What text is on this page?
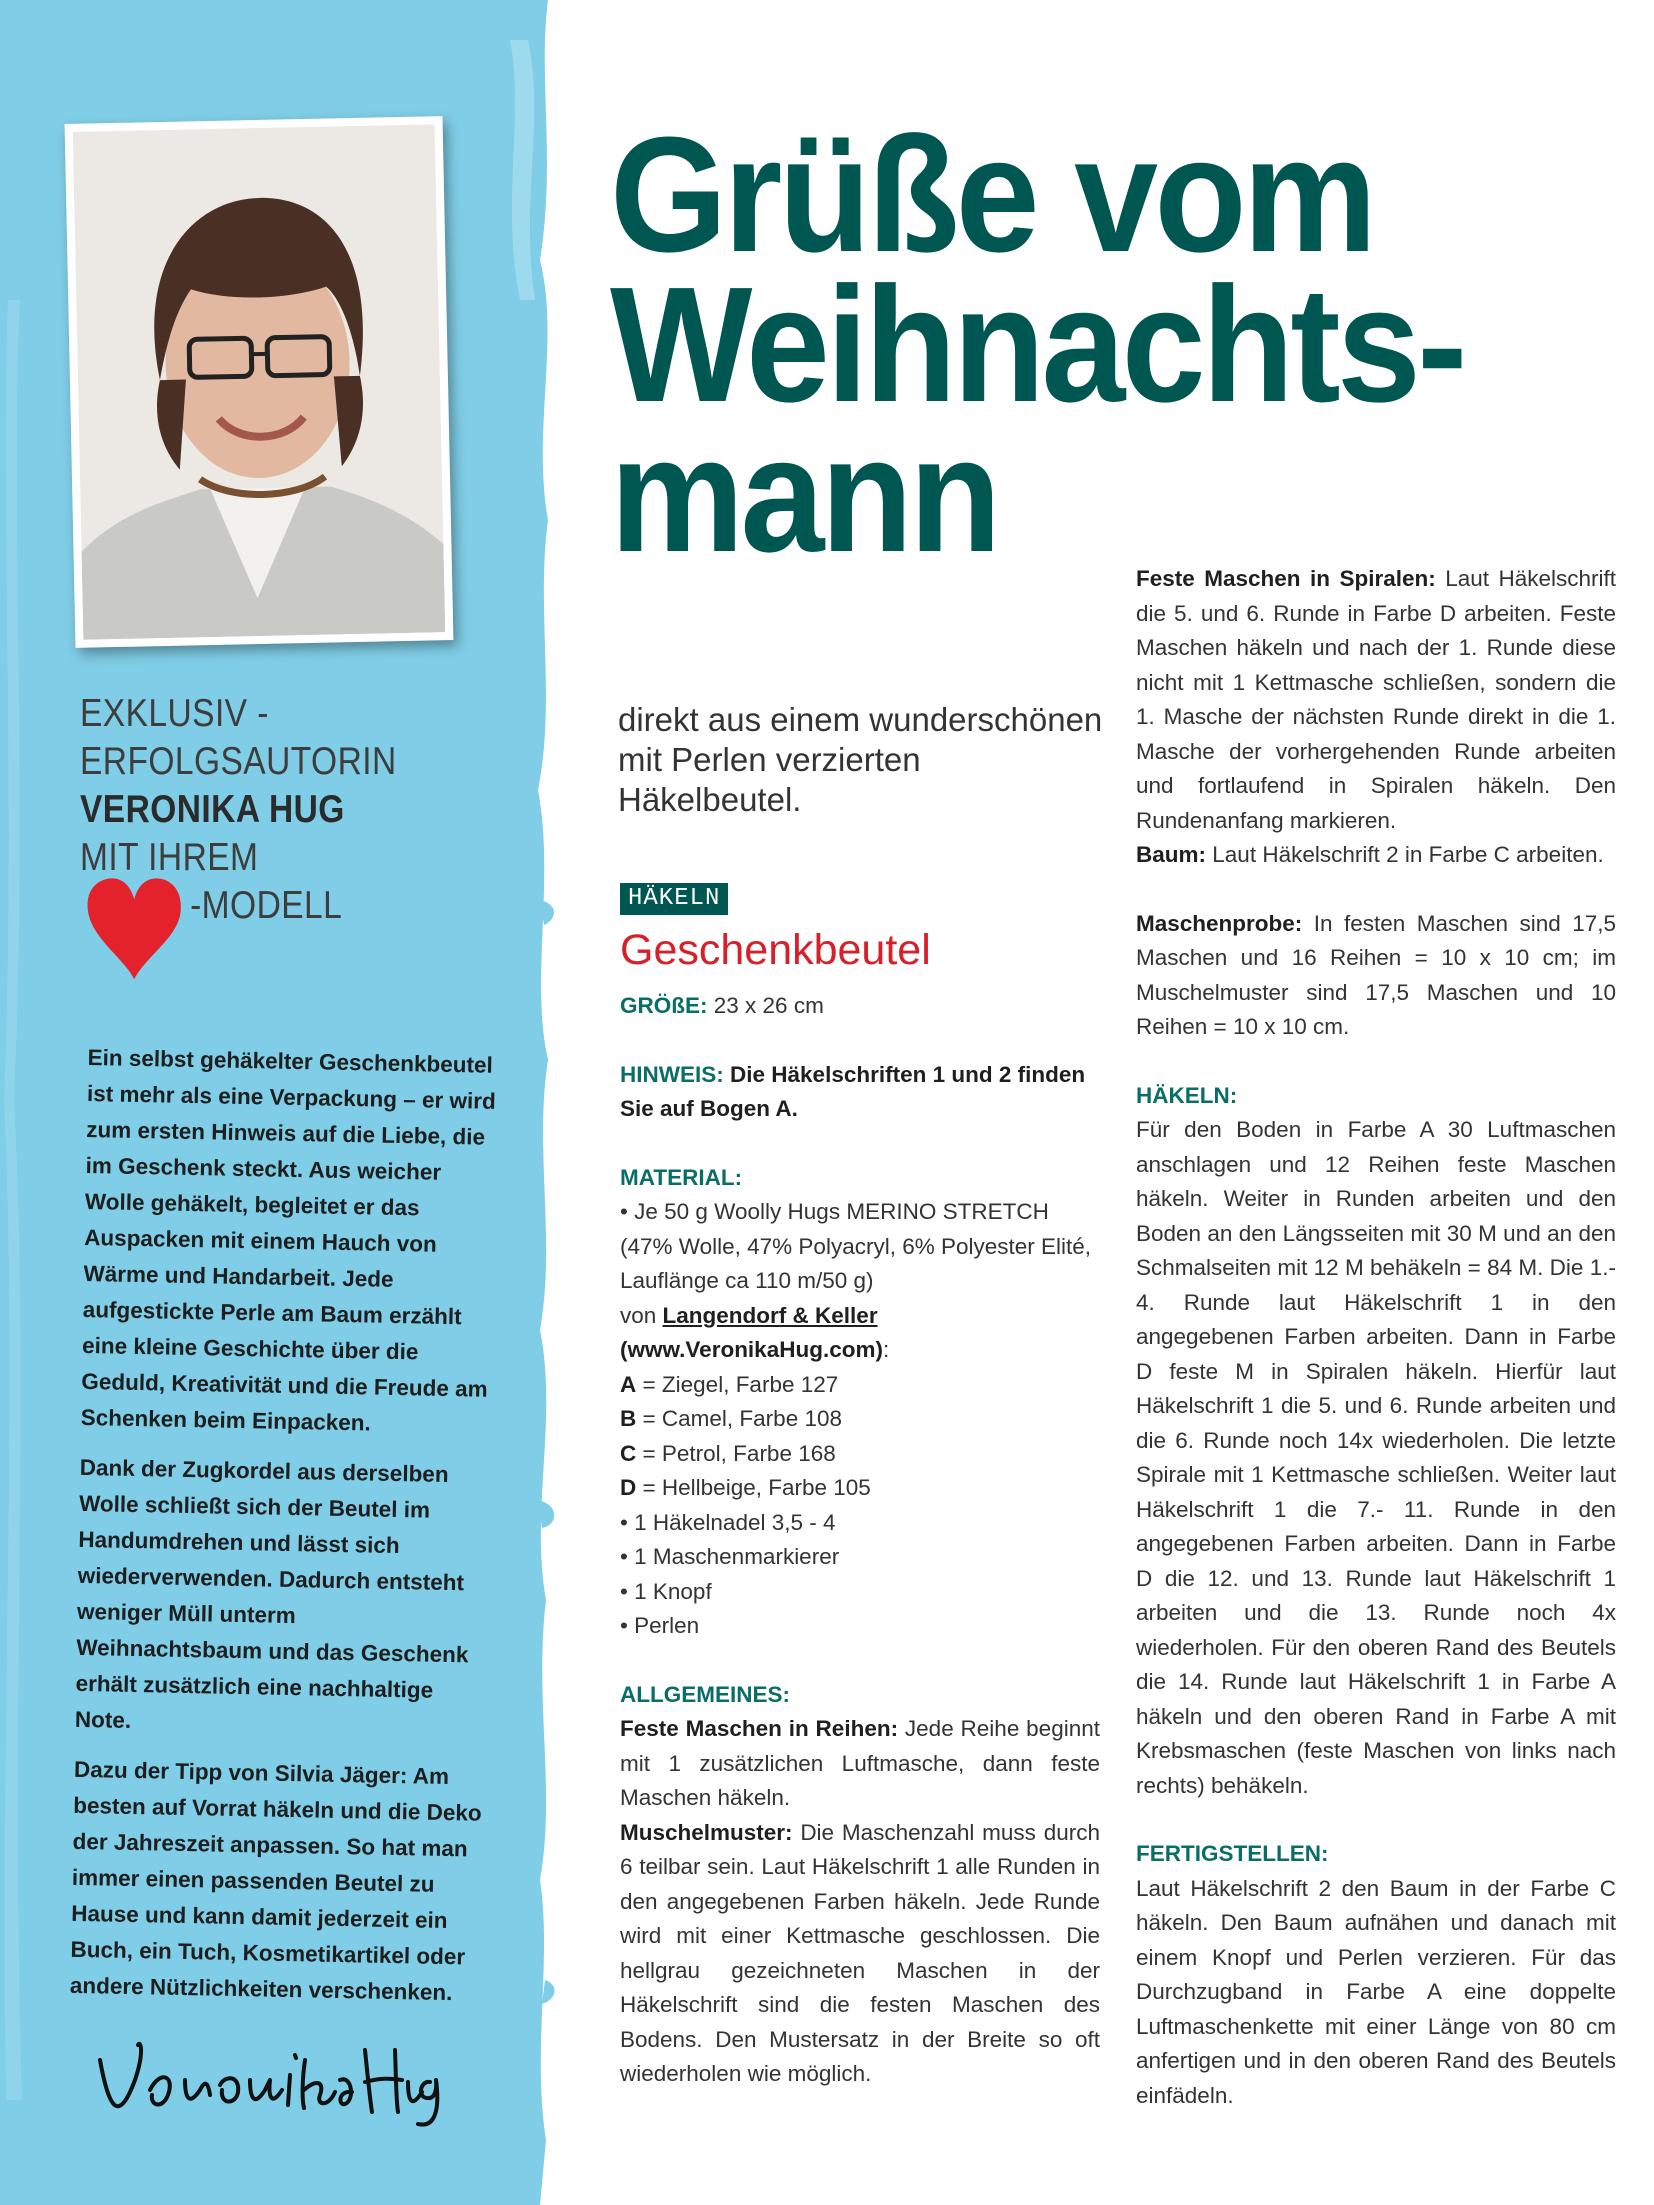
EXKLUSIV -
ERFOLGSAUTORIN
VERONIKA HUG
MIT IHREM
-MODELL

Ein selbst gehäkelter Geschenkbeutel ist mehr als eine Verpackung – er wird zum ersten Hinweis auf die Liebe, die im Geschenk steckt. Aus weicher Wolle gehäkelt, begleitet er das Auspacken mit einem Hauch von Wärme und Handarbeit. Jede aufgestickte Perle am Baum erzählt eine kleine Geschichte über die Geduld, Kreativität und die Freude am Schenken beim Einpacken.

Dank der Zugkordel aus derselben Wolle schließt sich der Beutel im Handumdrehen und lässt sich wiederverwenden. Dadurch entsteht weniger Müll unterm Weihnachtsbaum und das Geschenk erhält zusätzlich eine nachhaltige Note.

Dazu der Tipp von Silvia Jäger: Am besten auf Vorrat häkeln und die Deko der Jahreszeit anpassen. So hat man immer einen passenden Beutel zu Hause und kann damit jederzeit ein Buch, ein Tuch, Kosmetikartikel oder andere Nützlichkeiten verschenken.

Grüße vom
Weihnachts-
mann

direkt aus einem wunderschönen mit Perlen verzierten Häkelbeutel.

HÄKELN
Geschenkbeutel

GRÖßE: 23 x 26 cm

HINWEIS: Die Häkelschriften 1 und 2 finden Sie auf Bogen A.

MATERIAL:

• Je 50 g Woolly Hugs MERINO STRETCH (47% Wolle, 47% Polyacryl, 6% Polyester Elité, Lauflänge ca 110 m/50 g)

von Langendorf & Keller

(www.VeronikaHug.com):

A = Ziegel, Farbe 127

B = Camel, Farbe 108

C = Petrol, Farbe 168

D = Hellbeige, Farbe 105

• 1 Häkelnadel 3,5 - 4

• 1 Maschenmarkierer

• 1 Knopf

• Perlen

ALLGEMEINES:

Feste Maschen in Reihen: Jede Reihe beginnt mit 1 zusätzlichen Luftmasche, dann feste Maschen häkeln.

Muschelmuster: Die Maschenzahl muss durch 6 teilbar sein. Laut Häkelschrift 1 alle Runden in den angegebenen Farben häkeln. Jede Runde wird mit einer Kettmasche geschlossen. Die hellgrau gezeichneten Maschen in der Häkelschrift sind die festen Maschen des Bodens. Den Mustersatz in der Breite so oft wiederholen wie möglich.

Feste Maschen in Spiralen: Laut Häkelschrift die 5. und 6. Runde in Farbe D arbeiten. Feste Maschen häkeln und nach der 1. Runde diese nicht mit 1 Kettmasche schließen, sondern die 1. Masche der nächsten Runde direkt in die 1. Masche der vorhergehenden Runde arbeiten und fortlaufend in Spiralen häkeln. Den Rundenanfang markieren.

Baum: Laut Häkelschrift 2 in Farbe C arbeiten.

Maschenprobe: In festen Maschen sind 17,5 Maschen und 16 Reihen = 10 x 10 cm; im Muschelmuster sind 17,5 Maschen und 10 Reihen = 10 x 10 cm.

HÄKELN:

Für den Boden in Farbe A 30 Luftmaschen anschlagen und 12 Reihen feste Maschen häkeln. Weiter in Runden arbeiten und den Boden an den Längsseiten mit 30 M und an den Schmalseiten mit 12 M behäkeln = 84 M. Die 1.- 4. Runde laut Häkelschrift 1 in den angegebenen Farben arbeiten. Dann in Farbe D feste M in Spiralen häkeln. Hierfür laut Häkelschrift 1 die 5. und 6. Runde arbeiten und die 6. Runde noch 14x wiederholen. Die letzte Spirale mit 1 Kettmasche schließen. Weiter laut Häkelschrift 1 die 7.- 11. Runde in den angegebenen Farben arbeiten. Dann in Farbe D die 12. und 13. Runde laut Häkelschrift 1 arbeiten und die 13. Runde noch 4x wiederholen. Für den oberen Rand des Beutels die 14. Runde laut Häkelschrift 1 in Farbe A häkeln und den oberen Rand in Farbe A mit Krebsmaschen (feste Maschen von links nach rechts) behäkeln.

FERTIGSTELLEN:

Laut Häkelschrift 2 den Baum in der Farbe C häkeln. Den Baum aufnähen und danach mit einem Knopf und Perlen verzieren. Für das Durchzugband in Farbe A eine doppelte Luftmaschenkette mit einer Länge von 80 cm anfertigen und in den oberen Rand des Beutels einfädeln.
